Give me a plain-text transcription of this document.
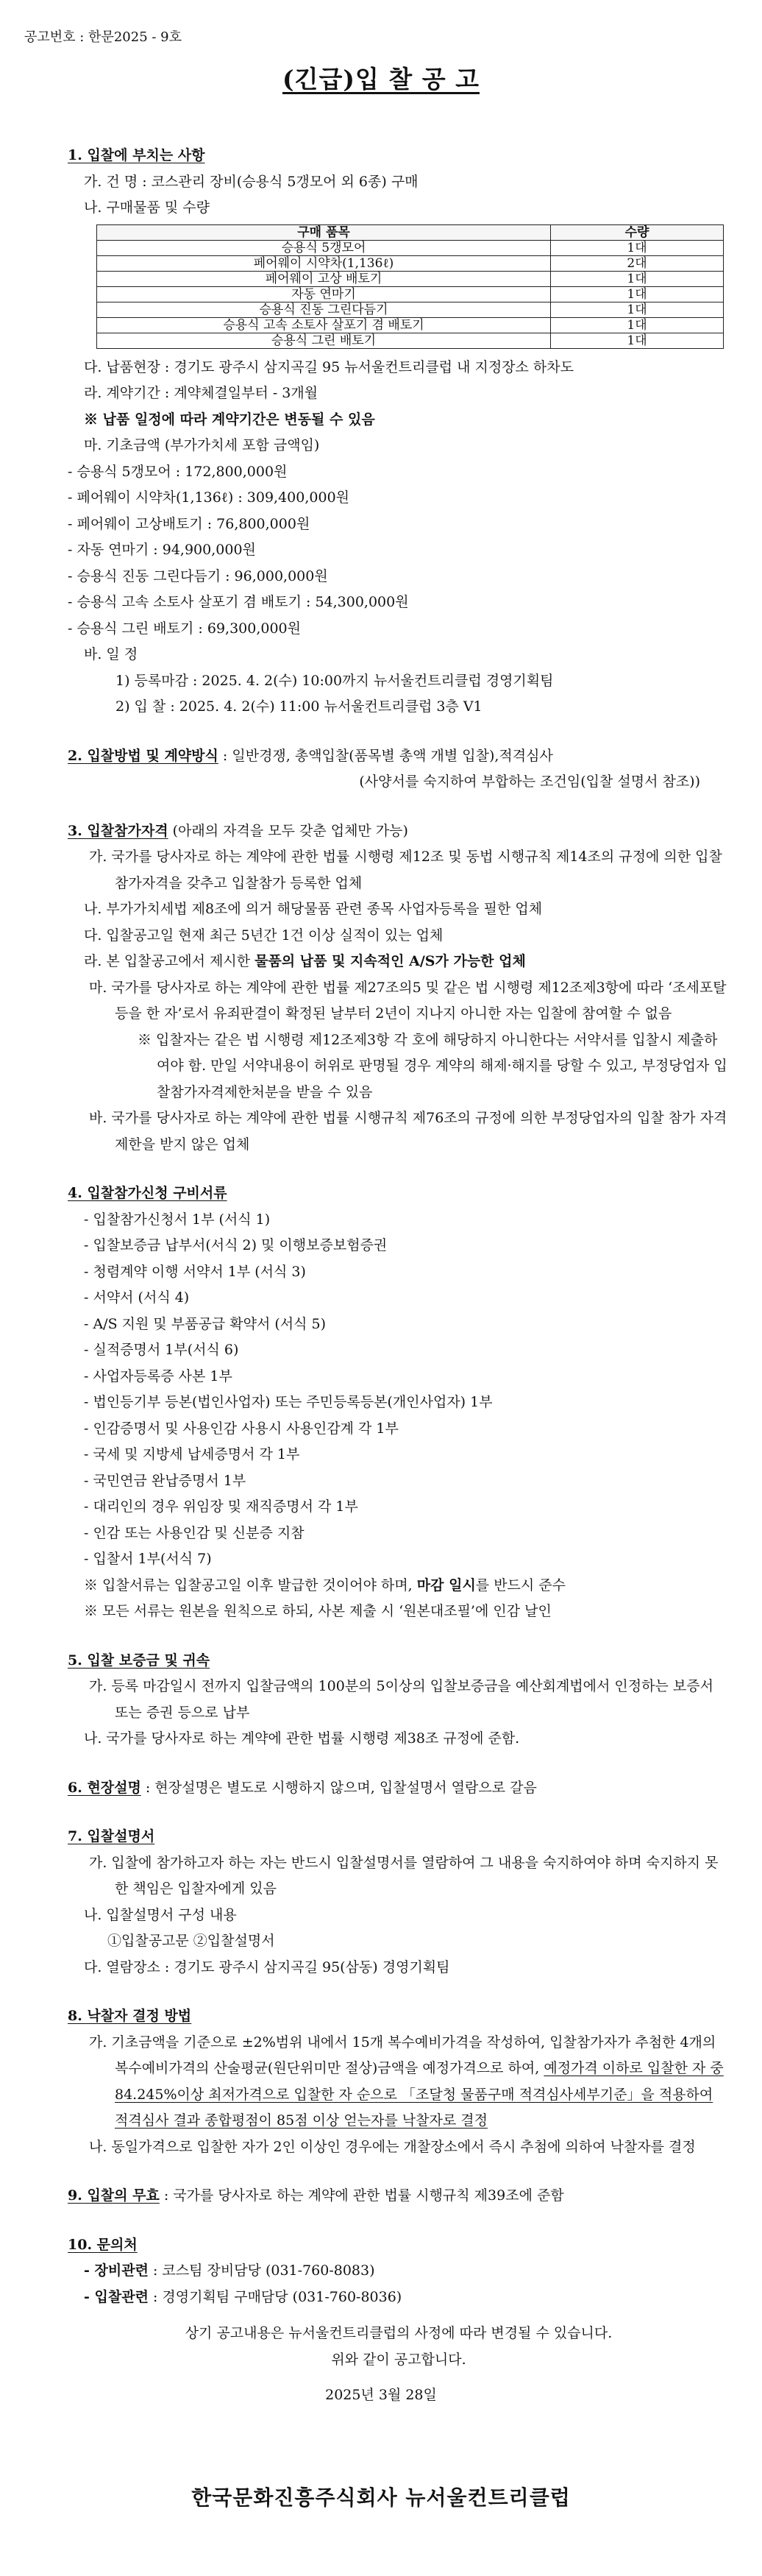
공고번호 : 한문2025 - 9호
(긴급)입 찰 공 고
1. 입찰에 부치는 사항
가. 건 명 : 코스관리 장비(승용식 5갱모어 외 6종) 구매
나. 구매물품 및 수량
구매 품목	수량
승용식 5갱모어	1대
페어웨이 시약차(1,136ℓ)	2대
페어웨이 고상 배토기	1대
자동 연마기	1대
승용식 진동 그린다듬기	1대
승용식 고속 소토사 살포기 겸 배토기	1대
승용식 그린 배토기	1대
다. 납품현장 : 경기도 광주시 삼지곡길 95 뉴서울컨트리클럽 내 지정장소 하차도
라. 계약기간 : 계약체결일부터 - 3개월
※ 납품 일정에 따라 계약기간은 변동될 수 있음
마. 기초금액 (부가가치세 포함 금액임)
- 승용식 5갱모어 : 172,800,000원
- 페어웨이 시약차(1,136ℓ) : 309,400,000원
- 페어웨이 고상배토기 : 76,800,000원
- 자동 연마기 : 94,900,000원
- 승용식 진동 그린다듬기 : 96,000,000원
- 승용식 고속 소토사 살포기 겸 배토기 : 54,300,000원
- 승용식 그린 배토기 : 69,300,000원
바. 일 정
1) 등록마감 : 2025. 4. 2(수) 10:00까지 뉴서울컨트리클럽 경영기획팀
2) 입 찰 : 2025. 4. 2(수) 11:00 뉴서울컨트리클럽 3층 V1
2. 입찰방법 및 계약방식 : 일반경쟁, 총액입찰(품목별 총액 개별 입찰),적격심사
(사양서를 숙지하여 부합하는 조건임(입찰 설명서 참조))
3. 입찰참가자격 (아래의 자격을 모두 갖춘 업체만 가능)
가. 국가를 당사자로 하는 계약에 관한 법률 시행령 제12조 및 동법 시행규칙 제14조의 규정에 의한 입찰참가자격을 갖추고 입찰참가 등록한 업체
나. 부가가치세법 제8조에 의거 해당물품 관련 종목 사업자등록을 필한 업체
다. 입찰공고일 현재 최근 5년간 1건 이상 실적이 있는 업체
라. 본 입찰공고에서 제시한 물품의 납품 및 지속적인 A/S가 가능한 업체
마. 국가를 당사자로 하는 계약에 관한 법률 제27조의5 및 같은 법 시행령 제12조제3항에 따라 ‘조세포탈 등을 한 자’로서 유죄판결이 확정된 날부터 2년이 지나지 아니한 자는 입찰에 참여할 수 없음
※ 입찰자는 같은 법 시행령 제12조제3항 각 호에 해당하지 아니한다는 서약서를 입찰시 제출하여야 함. 만일 서약내용이 허위로 판명될 경우 계약의 해제·해지를 당할 수 있고, 부정당업자 입찰참가자격제한처분을 받을 수 있음
바. 국가를 당사자로 하는 계약에 관한 법률 시행규칙 제76조의 규정에 의한 부정당업자의 입찰 참가 자격제한을 받지 않은 업체
4. 입찰참가신청 구비서류
- 입찰참가신청서 1부 (서식 1)
- 입찰보증금 납부서(서식 2) 및 이행보증보험증권
- 청렴계약 이행 서약서 1부 (서식 3)
- 서약서 (서식 4)
- A/S 지원 및 부품공급 확약서 (서식 5)
- 실적증명서 1부(서식 6)
- 사업자등록증 사본 1부
- 법인등기부 등본(법인사업자) 또는 주민등록등본(개인사업자) 1부
- 인감증명서 및 사용인감 사용시 사용인감계 각 1부
- 국세 및 지방세 납세증명서 각 1부
- 국민연금 완납증명서 1부
- 대리인의 경우 위임장 및 재직증명서 각 1부
- 인감 또는 사용인감 및 신분증 지참
- 입찰서 1부(서식 7)
※ 입찰서류는 입찰공고일 이후 발급한 것이어야 하며, 마감 일시를 반드시 준수
※ 모든 서류는 원본을 원칙으로 하되, 사본 제출 시 ‘원본대조필’에 인감 날인
5. 입찰 보증금 및 귀속
가. 등록 마감일시 전까지 입찰금액의 100분의 5이상의 입찰보증금을 예산회계법에서 인정하는 보증서 또는 증권 등으로 납부
나. 국가를 당사자로 하는 계약에 관한 법률 시행령 제38조 규정에 준함.
6. 현장설명 : 현장설명은 별도로 시행하지 않으며, 입찰설명서 열람으로 갈음
7. 입찰설명서
가. 입찰에 참가하고자 하는 자는 반드시 입찰설명서를 열람하여 그 내용을 숙지하여야 하며 숙지하지 못한 책임은 입찰자에게 있음
나. 입찰설명서 구성 내용
①입찰공고문 ②입찰설명서
다. 열람장소 : 경기도 광주시 삼지곡길 95(삼동) 경영기획팀
8. 낙찰자 결정 방법
가. 기초금액을 기준으로 ±2%범위 내에서 15개 복수예비가격을 작성하여, 입찰참가자가 추첨한 4개의 복수예비가격의 산술평균(원단위미만 절상)금액을 예정가격으로 하여, 예정가격 이하로 입찰한 자 중 84.245%이상 최저가격으로 입찰한 자 순으로 「조달청 물품구매 적격심사세부기준」을 적용하여 적격심사 결과 종합평점이 85점 이상 얻는자를 낙찰자로 결정
나. 동일가격으로 입찰한 자가 2인 이상인 경우에는 개찰장소에서 즉시 추첨에 의하여 낙찰자를 결정
9. 입찰의 무효 : 국가를 당사자로 하는 계약에 관한 법률 시행규칙 제39조에 준함
10. 문의처
- 장비관련 : 코스팀 장비담당 (031-760-8083)
- 입찰관련 : 경영기획팀 구매담당 (031-760-8036)
상기 공고내용은 뉴서울컨트리클럽의 사정에 따라 변경될 수 있습니다.
위와 같이 공고합니다.
2025년 3월 28일
한국문화진흥주식회사 뉴서울컨트리클럽
